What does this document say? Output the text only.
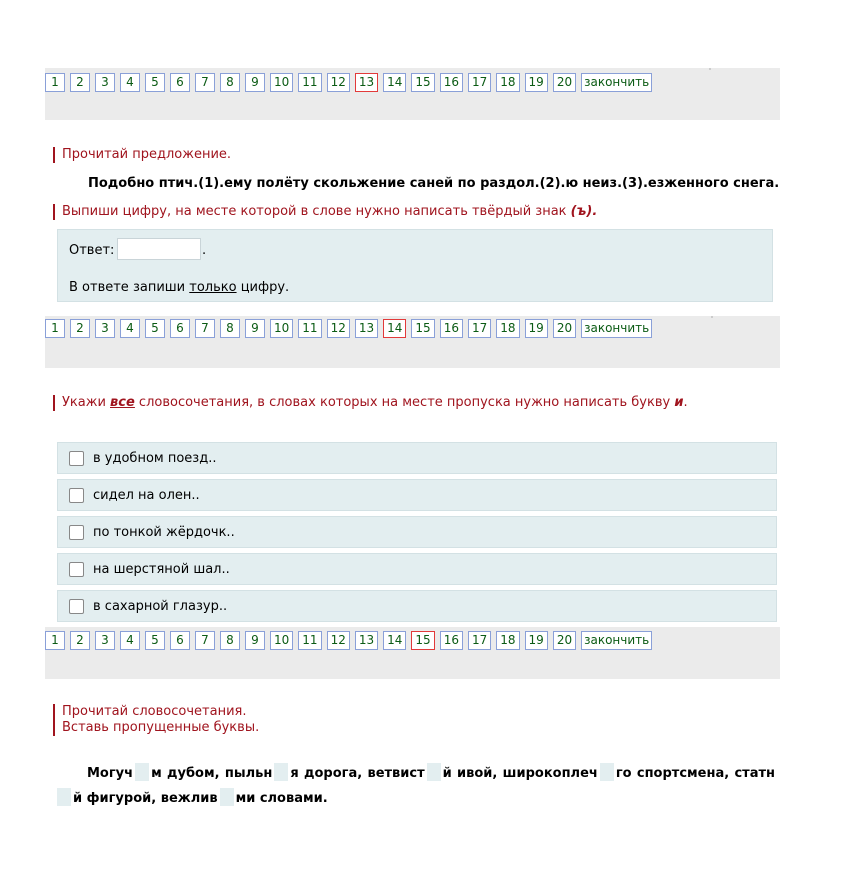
1	2	3	4	5	6	7	8	9	10	11	12	13	14	15	16	17	18	19	20	закончить
Прочитай предложение.
Подобно птич.(1).ему полёту скольжение саней по раздол.(2).ю неиз.(3).езженного снега.
Выпиши цифру, на месте которой в слове нужно написать твёрдый знак (ъ).
Ответ:	.
В ответе запиши только цифру.
1	2	3	4	5	6	7	8	9	10	11	12	13	14	15	16	17	18	19	20	закончить
Укажи все словосочетания, в словах которых на месте пропуска нужно написать букву и.
в удобном поезд..
сидел на олен..
по тонкой жёрдочк..
на шерстяной шал..
в сахарной глазур..
1	2	3	4	5	6	7	8	9	10	11	12	13	14	15	16	17	18	19	20	закончить
Прочитай словосочетания.
Вставь пропущенные буквы.
Могуч м дубом, пыльн я дорога, ветвист й ивой, широкоплеч го спортсмена, статнй фигурой, вежлив ми словами.
